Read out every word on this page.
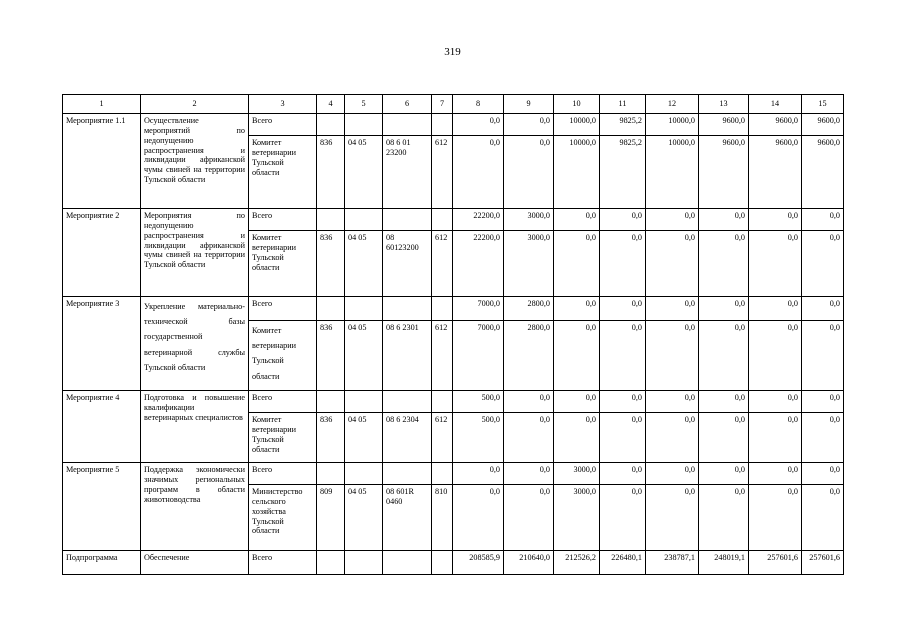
319
1	2	3	4	5	6	7	8	9	10	11	12	13	14	15
Мероприятие 1.1	Осуществление мероприятий по недопущению распространения и ликвидации африканской чумы свиней на территории Тульской области	Всего					0,0	0,0	10000,0	9825,2	10000,0	9600,0	9600,0	9600,0
		Комитет ветеринарии Тульской области	836	04 05	08 6 01 23200	612	0,0	0,0	10000,0	9825,2	10000,0	9600,0	9600,0	9600,0
Мероприятие 2	Мероприятия по недопущению распространения и ликвидации африканской чумы свиней на территории Тульской области	Всего					22200,0	3000,0	0,0	0,0	0,0	0,0	0,0	0,0
		Комитет ветеринарии Тульской области	836	04 05	08 60123200	612	22200,0	3000,0	0,0	0,0	0,0	0,0	0,0	0,0
Мероприятие 3	Укрепление материально-технической базы государственной ветеринарной службы Тульской области	Всего					7000,0	2800,0	0,0	0,0	0,0	0,0	0,0	0,0
		Комитет ветеринарии Тульской области	836	04 05	08 6 2301	612	7000,0	2800,0	0,0	0,0	0,0	0,0	0,0	0,0
Мероприятие 4	Подготовка и повышение квалификации ветеринарных специалистов	Всего					500,0	0,0	0,0	0,0	0,0	0,0	0,0	0,0
		Комитет ветеринарии Тульской области	836	04 05	08 6 2304	612	500,0	0,0	0,0	0,0	0,0	0,0	0,0	0,0
Мероприятие 5	Поддержка экономически значимых региональных программ в области животноводства	Всего					0,0	0,0	3000,0	0,0	0,0	0,0	0,0	0,0
		Министерство сельского хозяйства Тульской области	809	04 05	08 601R 0460	810	0,0	0,0	3000,0	0,0	0,0	0,0	0,0	0,0
Подпрограмма	Обеспечение	Всего					208585,9	210640,0	212526,2	226480,1	238787,1	248019,1	257601,6	257601,6
